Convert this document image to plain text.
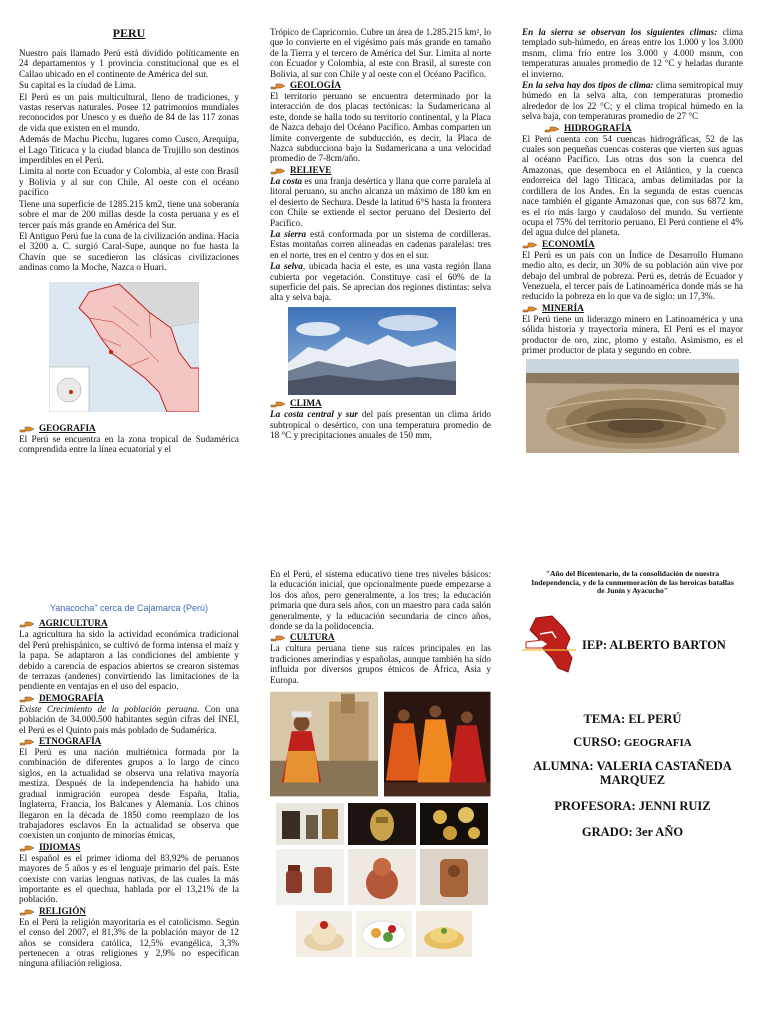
PERU

Nuestro país llamado Perú está dividido políticamente en 24 departamentos y 1 provincia constitucional que es el Callao ubicado en el continente de América del sur.

Su capital es la ciudad de Lima.

El Perú es un país multicultural, lleno de tradiciones, y vastas reservas naturales. Posee 12 patrimonios mundiales reconocidos por Unesco y es dueño de 84 de las 117 zonas de vida que existen en el mundo.

Además de Machu Picchu, lugares como Cusco, Arequipa, el Lago Titicaca y la ciudad blanca de Trujillo son destinos imperdibles en el Perú.

Limita al norte con Ecuador y Colombia, al este con Brasil y Bolivia y al sur con Chile. Al oeste con el océano pacífico

Tiene una superficie de 1285.215 km2, tiene una soberanía sobre el mar de 200 millas desde la costa peruana y es el tercer país más grande en América del Sur.

El Antiguo Perú fue la cuna de la civilización andina. Hacia el 3200 a. C. surgió Caral-Supe, aunque no fue hasta la Chavín que se sucedieron las clásicas civilizaciones andinas como la Moche, Nazca o Huari.

GEOGRAFIA

El Perú se encuentra en la zona tropical de Sudamérica comprendida entre la línea ecuatorial y el

Trópico de Capricornio. Cubre un área de 1.285.215 km², lo que lo convierte en el vigésimo país más grande en tamaño de la Tierra y el tercero de América del Sur. Limita al norte con Ecuador y Colombia, al este con Brasil, al sureste con Bolivia, al sur con Chile y al oeste con el Océano Pacífico.

GEOLOGÍA

El territorio peruano se encuentra determinado por la interacción de dos placas tectónicas: la Sudamericana al este, donde se halla todo su territorio continental, y la Placa de Nazca debajo del Océano Pacífico. Ambas comparten un límite convergente de subducción, es decir, la Placa de Nazca subducciona bajo la Sudamericana a una velocidad promedio de 7-8cm/año.

RELIEVE

La costa es una franja desértica y llana que corre paralela al litoral peruano, su ancho alcanza un máximo de 180 km en el desierto de Sechura. Desde la latitud 6°S hasta la frontera con Chile se extiende el sector peruano del Desierto del Pacífico.

La sierra está conformada por un sistema de cordilleras. Estas montañas corren alineadas en cadenas paralelas: tres en el norte, tres en el centro y dos en el sur.

La selva, ubicada hacia el este, es una vasta región llana cubierta por vegetación. Constituye casi el 60% de la superficie del país. Se aprecian dos regiones distintas: selva alta y selva baja.

CLIMA

La costa central y sur del país presentan un clima árido subtropical o desértico, con una temperatura promedio de 18 °C y precipitaciones anuales de 150 mm,

En la sierra se observan los siguientes climas: clima templado sub-húmedo, en áreas entre los 1.000 y los 3.000 msnm, clima frío entre los 3.000 y 4.000 msnm, con temperaturas anuales promedio de 12 °C y heladas durante el invierno.

En la selva hay dos tipos de clima: clima semitropical muy húmedo en la selva alta, con temperaturas promedio alrededor de los 22 °C; y el clima tropical húmedo en la selva baja, con temperaturas promedio de 27 °C

HIDROGRAFÍA

El Perú cuenta con 54 cuencas hidrográficas, 52 de las cuales son pequeñas cuencas costeras que vierten sus aguas al océano Pacífico. Las otras dos son la cuenca del Amazonas, que desemboca en el Atlántico, y la cuenca endorreica del lago Titicaca, ambas delimitadas por la cordillera de los Andes. En la segunda de estas cuencas nace también el gigante Amazonas que, con sus 6872 km, es el río más largo y caudaloso del mundo. Su vertiente ocupa el 75% del territorio peruano. El Perú contiene el 4% del agua dulce del planeta.

ECONOMÍA

El Perú es un país con un Índice de Desarrollo Humano medio alto, es decir, un 30% de su población aún vive por debajo del umbral de pobreza. Perú es, detrás de Ecuador y Venezuela, el tercer país de Latinoamérica donde más se ha reducido la pobreza en lo que va de siglo: un 17,3%.

MINERÍA

El Perú tiene un liderazgo minero en Latinoamérica y una sólida historia y trayectoria minera. El Perú es el mayor productor de oro, zinc, plomo y estaño. Asimismo, es el primer productor de plata y segundo en cobre.

Yanacocha" cerca de Cajamarca (Perú)
AGRICULTURA

La agricultura ha sido la actividad económica tradicional del Perú prehispánico, se cultivó de forma intensa el maíz y la papa. Se adaptaron a las condiciones del ambiente y debido a carencia de espacios abiertos se crearon sistemas de terrazas (andenes) convirtiendo las limitaciones de la pendiente en ventajas en el uso del espacio.

DEMOGRAFÍA

Existe Crecimiento de la población peruana. Con una población de 34.000.500 habitantes según cifras del INEI, el Perú es el Quinto país más poblado de Sudamérica.

ETNOGRAFÍA

El Perú es una nación multiétnica formada por la combinación de diferentes grupos a lo largo de cinco siglos, en la actualidad se observa una relativa mayoría mestiza. Después de la independencia ha habido una gradual inmigración europea desde España, Italia, Inglaterra, Francia, los Balcanes y Alemania. Los chinos llegaron en la década de 1850 como reemplazo de los trabajadores esclavos En la actualidad se observa que coexisten un conjunto de minorías étnicas,

IDIOMAS

El español es el primer idioma del 83,92% de peruanos mayores de 5 años y es el lenguaje primario del país. Este coexiste con varias lenguas nativas, de las cuales la más importante es el quechua, hablada por el 13,21% de la población.

RELIGIÓN

En el Perú la religión mayoritaria es el catolicismo. Según el censo del 2007, el 81,3% de la población mayor de 12 años se considera católica, 12,5% evangélica, 3,3% pertenecen a otras religiones y 2,9% no especifican ninguna afiliación religiosa.

En el Perú, el sistema educativo tiene tres niveles básicos: la educación inicial, que opcionalmente puede empezarse a los dos años, pero generalmente, a los tres; la educación primaria que dura seis años, con un maestro para cada salón generalmente, y la educación secundaria de cinco años, donde se da la polidocencia.

CULTURA

La cultura peruana tiene sus raíces principales en las tradiciones amerindias y españolas, aunque también ha sido influida por diversos grupos étnicos de África, Asia y Europa.

"Año del Bicentenario, de la consolidación de nuestra Independencia, y de la conmemoración de las heroicas batallas de Junín y Ayacucho"
IEP: ALBERTO BARTON
TEMA: EL PERÚ
CURSO: GEOGRAFIA
ALUMNA: VALERIA CASTAÑEDA MARQUEZ
PROFESORA: JENNI RUIZ
GRADO: 3er AÑO
